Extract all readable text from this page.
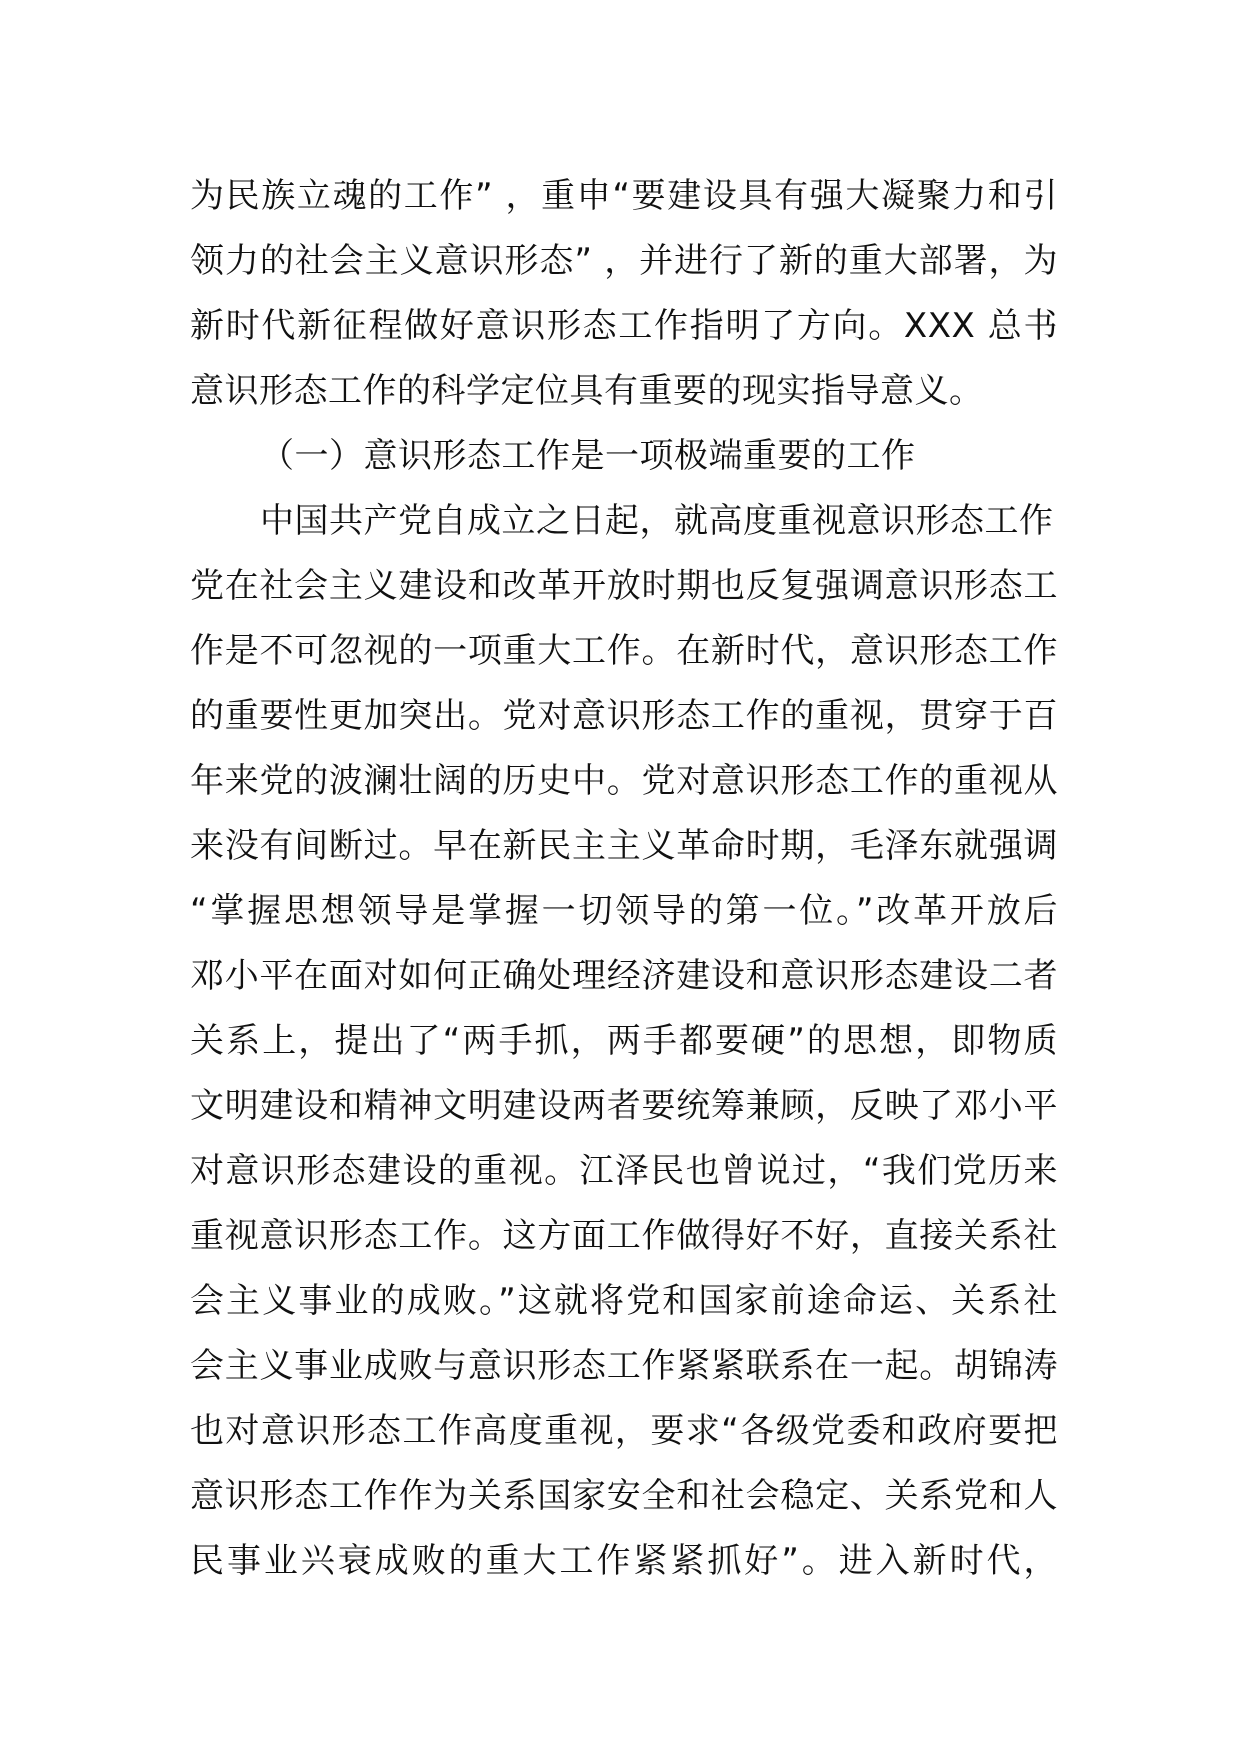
为民族立魂的工作” ，重申“要建设具有强大凝聚力和引
领力的社会主义意识形态” ，并进行了新的重大部署，为
新时代新征程做好意识形态工作指明了方向。XXX 总书
意识形态工作的科学定位具有重要的现实指导意义。
（一）意识形态工作是一项极端重要的工作
中国共产党自成立之日起，就高度重视意识形态工作
党在社会主义建设和改革开放时期也反复强调意识形态工
作是不可忽视的一项重大工作。在新时代，意识形态工作
的重要性更加突出。党对意识形态工作的重视，贯穿于百
年来党的波澜壮阔的历史中。党对意识形态工作的重视从
来没有间断过。早在新民主主义革命时期，毛泽东就强调
“掌握思想领导是掌握一切领导的第一位。”改革开放后
邓小平在面对如何正确处理经济建设和意识形态建设二者
关系上，提出了“两手抓，两手都要硬”的思想，即物质
文明建设和精神文明建设两者要统筹兼顾，反映了邓小平
对意识形态建设的重视。江泽民也曾说过，“我们党历来
重视意识形态工作。这方面工作做得好不好，直接关系社
会主义事业的成败。”这就将党和国家前途命运、关系社
会主义事业成败与意识形态工作紧紧联系在一起。胡锦涛
也对意识形态工作高度重视，要求“各级党委和政府要把
意识形态工作作为关系国家安全和社会稳定、关系党和人
民事业兴衰成败的重大工作紧紧抓好”。进入新时代，
